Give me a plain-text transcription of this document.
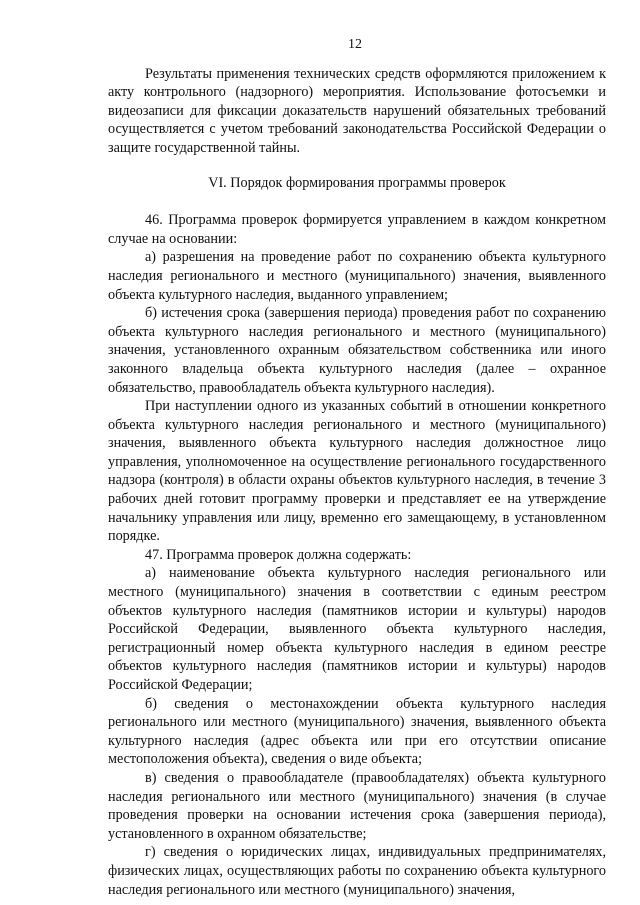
12

Результаты применения технических средств оформляются приложением к акту контрольного (надзорного) мероприятия. Использование фотосъемки и видеозаписи для фиксации доказательств нарушений обязательных требований осуществляется с учетом требований законодательства Российской Федерации о защите государственной тайны.

VI. Порядок формирования программы проверок

46. Программа проверок формируется управлением в каждом конкретном случае на основании:

а) разрешения на проведение работ по сохранению объекта культурного наследия регионального и местного (муниципального) значения, выявленного объекта культурного наследия, выданного управлением;

б) истечения срока (завершения периода) проведения работ по сохранению объекта культурного наследия регионального и местного (муниципального) значения, установленного охранным обязательством собственника или иного законного владельца объекта культурного наследия (далее – охранное обязательство, правообладатель объекта культурного наследия).

При наступлении одного из указанных событий в отношении конкретного объекта культурного наследия регионального и местного (муниципального) значения, выявленного объекта культурного наследия должностное лицо управления, уполномоченное на осуществление регионального государственного надзора (контроля) в области охраны объектов культурного наследия, в течение 3 рабочих дней готовит программу проверки и представляет ее на утверждение начальнику управления или лицу, временно его замещающему, в установленном порядке.

47. Программа проверок должна содержать:

а) наименование объекта культурного наследия регионального или местного (муниципального) значения в соответствии с единым реестром объектов культурного наследия (памятников истории и культуры) народов Российской Федерации, выявленного объекта культурного наследия, регистрационный номер объекта культурного наследия в едином реестре объектов культурного наследия (памятников истории и культуры) народов Российской Федерации;

б) сведения о местонахождении объекта культурного наследия регионального или местного (муниципального) значения, выявленного объекта культурного наследия (адрес объекта или при его отсутствии описание местоположения объекта), сведения о виде объекта;

в) сведения о правообладателе (правообладателях) объекта культурного наследия регионального или местного (муниципального) значения (в случае проведения проверки на основании истечения срока (завершения периода), установленного в охранном обязательстве;

г) сведения о юридических лицах, индивидуальных предпринимателях, физических лицах, осуществляющих работы по сохранению объекта культурного наследия регионального или местного (муниципального) значения,
